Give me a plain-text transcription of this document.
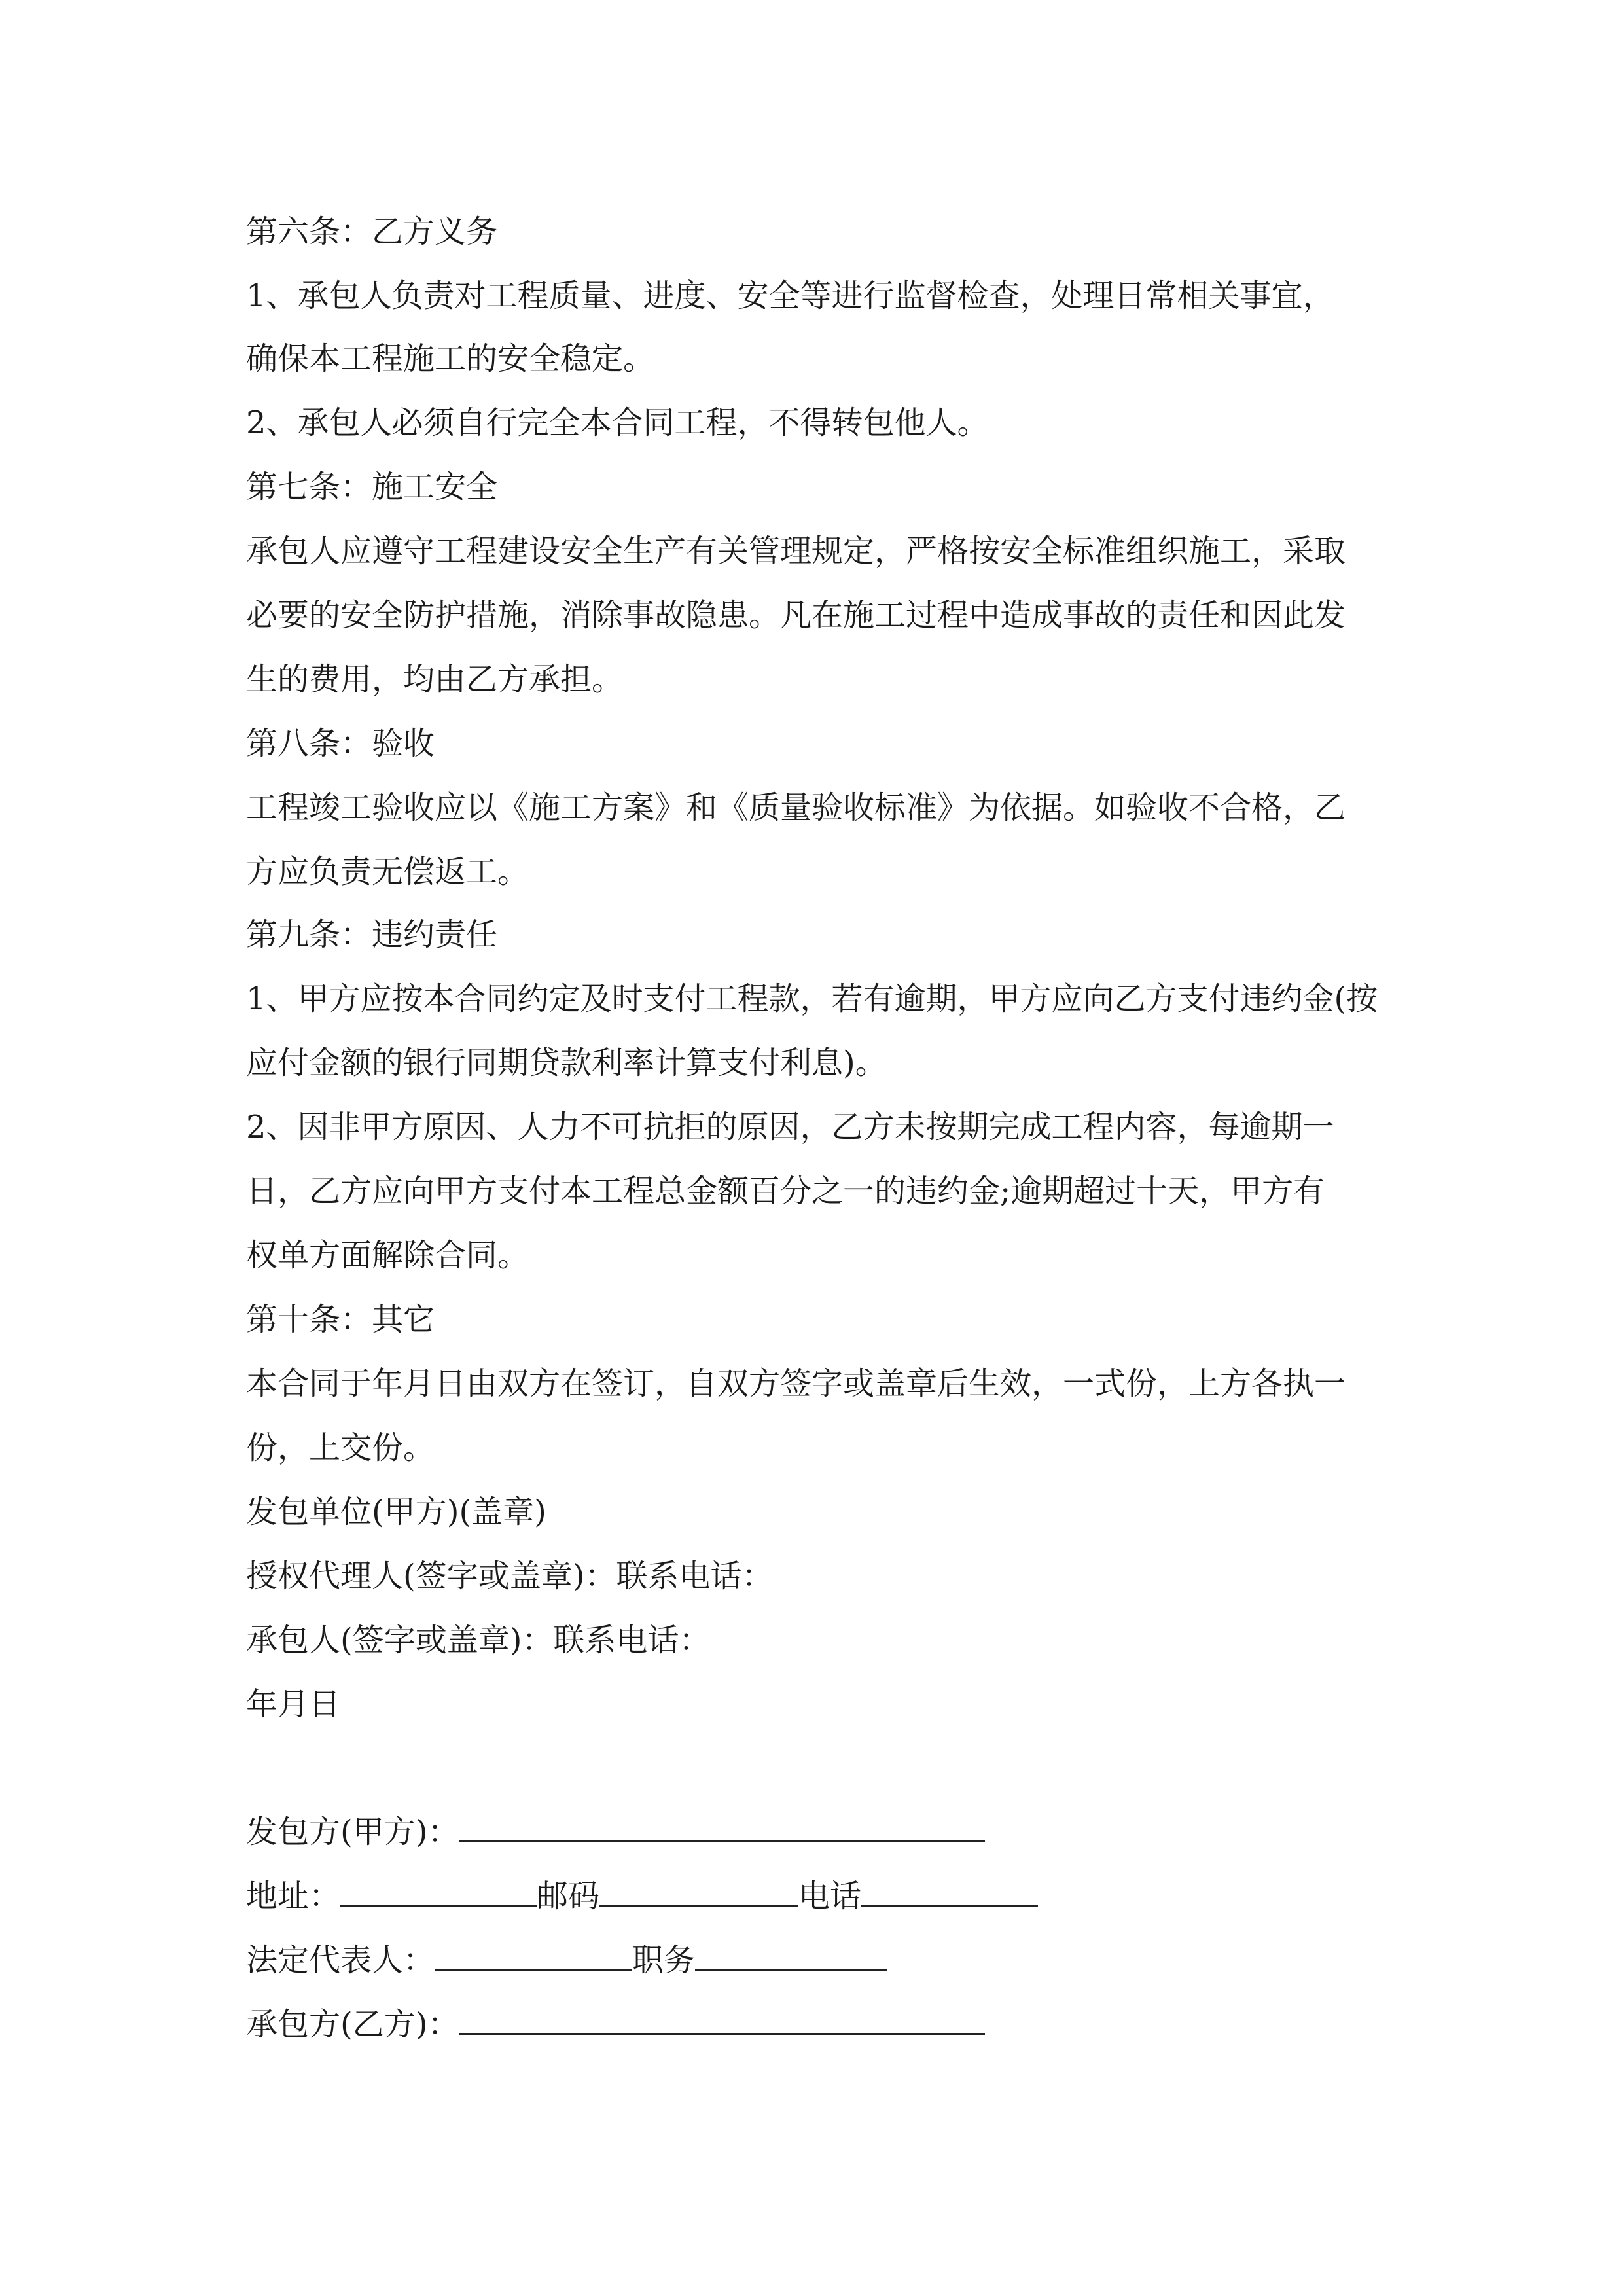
第六条：乙方义务
1、承包人负责对工程质量、进度、安全等进行监督检查，处理日常相关事宜，
确保本工程施工的安全稳定。
2、承包人必须自行完全本合同工程，不得转包他人。
第七条：施工安全
承包人应遵守工程建设安全生产有关管理规定，严格按安全标准组织施工，采取
必要的安全防护措施，消除事故隐患。凡在施工过程中造成事故的责任和因此发
生的费用，均由乙方承担。
第八条：验收
工程竣工验收应以《施工方案》和《质量验收标准》为依据。如验收不合格，乙
方应负责无偿返工。
第九条：违约责任
1、甲方应按本合同约定及时支付工程款，若有逾期，甲方应向乙方支付违约金(按
应付金额的银行同期贷款利率计算支付利息)。
2、因非甲方原因、人力不可抗拒的原因，乙方未按期完成工程内容，每逾期一
日，乙方应向甲方支付本工程总金额百分之一的违约金;逾期超过十天，甲方有
权单方面解除合同。
第十条：其它
本合同于年月日由双方在签订，自双方签字或盖章后生效，一式份，上方各执一
份，上交份。
发包单位(甲方)(盖章)
授权代理人(签字或盖章)：联系电话：
承包人(签字或盖章)：联系电话：
年月日
发包方(甲方)：
地址：	邮码	电话
法定代表人：	职务
承包方(乙方)：
